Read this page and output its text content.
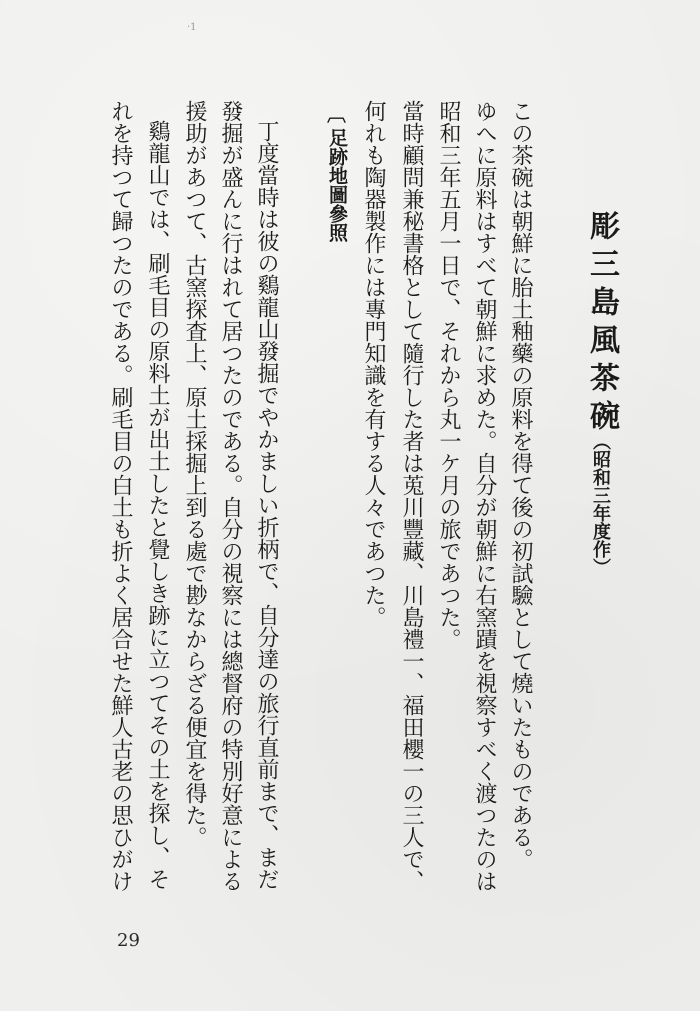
·1
彫三島風茶碗
（昭和三年度作）
この茶碗は朝鮮に胎土釉藥の原料を得て後の初試驗として燒いたものである。
ゆへに原料はすべて朝鮮に求めた。自分が朝鮮に右窯蹟を視察すべく渡つたのは
昭和三年五月一日で、それから丸一ケ月の旅であつた。
當時顧問兼秘書格として隨行した者は莵川豐藏、川島禮一、福田櫻一の三人で、
何れも陶器製作には專門知識を有する人々であつた。
〔
足跡地圖參照
丁度當時は彼の鷄龍山發掘でやかましい折柄で、自分達の旅行直前まで、まだ
發掘が盛んに行はれて居つたのである。自分の視察には總督府の特別好意による
援助があつて、古窯探査上、原土採掘上到る處で尠なからざる便宜を得た。
鷄龍山では、刷毛目の原料土が出土したと覺しき跡に立つてその土を探し、そ
れを持つて歸つたのである。刷毛目の白土も折よく居合せた鮮人古老の思ひがけ
29
